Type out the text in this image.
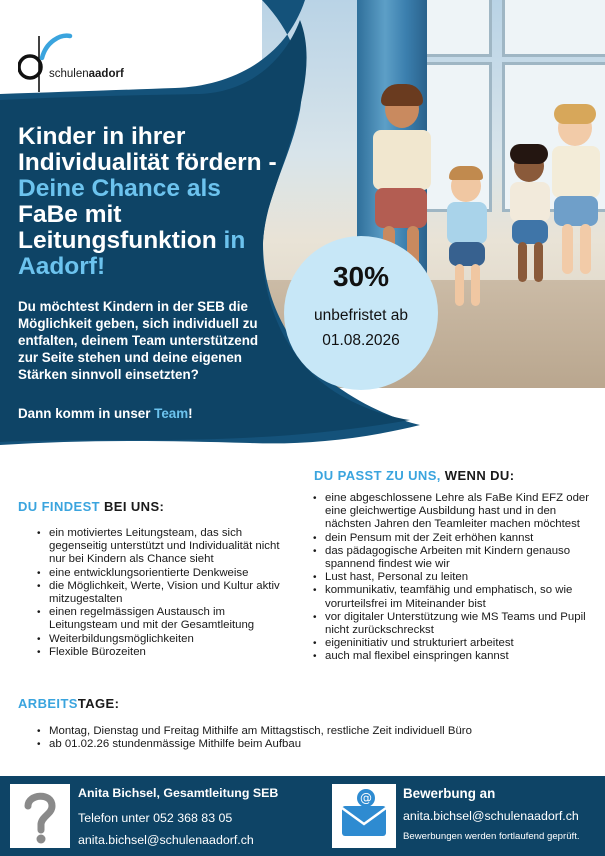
schulenaadorf
Kinder in ihrer
Individualität fördern -
Deine Chance als
FaBe mit
Leitungsfunktion in
Aadorf!
Du möchtest Kindern in der SEB die Möglichkeit geben, sich individuell zu entfalten, deinem Team unterstützend zur Seite stehen und deine eigenen Stärken sinnvoll einsetzten?
Dann komm in unser Team!
30%
unbefristet ab
01.08.2026
DU PASST ZU UNS, WENN DU:
• eine abgeschlossene Lehre als FaBe Kind EFZ oder eine gleichwertige Ausbildung hast und in den nächsten Jahren den Teamleiter machen möchtest
• dein Pensum mit der Zeit erhöhen kannst
• das pädagogische Arbeiten mit Kindern genauso spannend findest wie wir
• Lust hast, Personal zu leiten
• kommunikativ, teamfähig und emphatisch, so wie vorurteilsfrei im Miteinander bist
• vor digitaler Unterstützung wie MS Teams und Pupil nicht zurückschreckst
• eigeninitiativ und strukturiert arbeitest
• auch mal flexibel einspringen kannst
DU FINDEST BEI UNS:
• ein motiviertes Leitungsteam, das sich gegenseitig unterstützt und Individualität nicht nur bei Kindern als Chance sieht
• eine entwicklungsorientierte Denkweise
• die Möglichkeit, Werte, Vision und Kultur aktiv mitzugestalten
• einen regelmässigen Austausch im Leitungsteam und mit der Gesamtleitung
• Weiterbildungsmöglichkeiten
• Flexible Bürozeiten
ARBEITSTAGE:
• Montag, Dienstag und Freitag Mithilfe am Mittagstisch, restliche Zeit individuell Büro
• ab 01.02.26 stundenmässige Mithilfe beim Aufbau
Anita Bichsel, Gesamtleitung SEB
Telefon unter 052 368 83 05
anita.bichsel@schulenaadorf.ch
@ Bewerbung an
anita.bichsel@schulenaadorf.ch
Bewerbungen werden fortlaufend geprüft.
